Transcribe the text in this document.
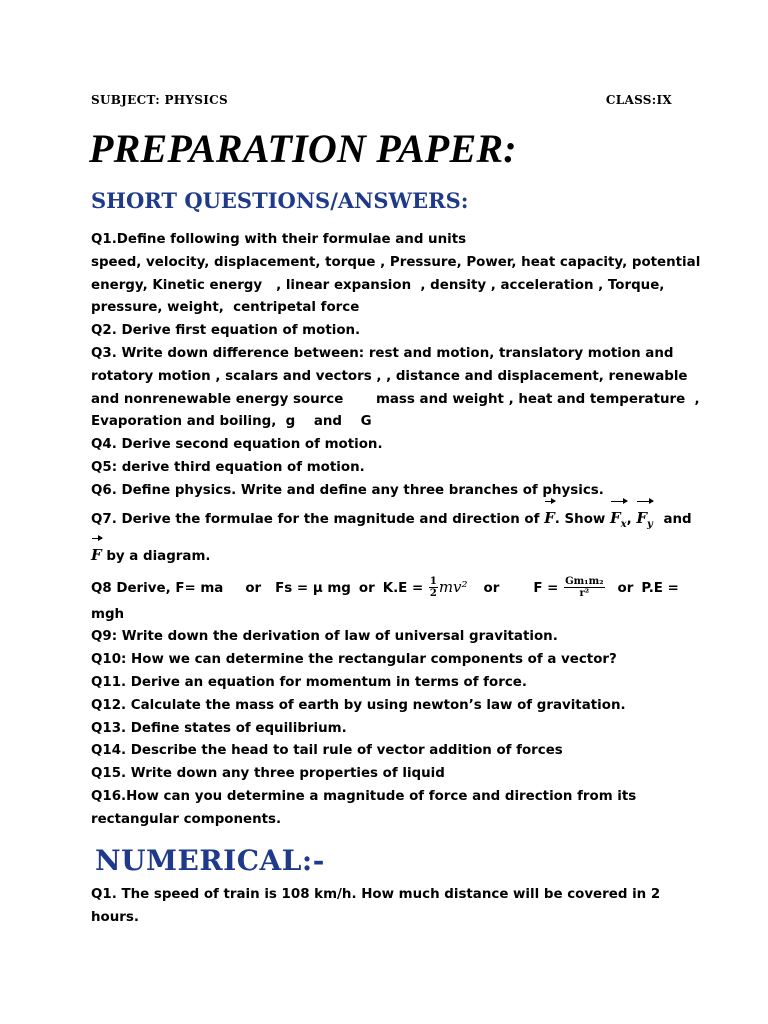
SUBJECT: PHYSICS	CLASS:IX
PREPARATION PAPER:
SHORT QUESTIONS/ANSWERS:

Q1.Define following with their formulae and units

speed, velocity, displacement, torque , Pressure, Power, heat capacity, potential

energy, Kinetic energy   , linear expansion  , density , acceleration , Torque,

pressure, weight,  centripetal force

Q2. Derive first equation of motion.

Q3. Write down difference between: rest and motion, translatory motion and

rotatory motion , scalars and vectors , , distance and displacement, renewable

and nonrenewable energy source       mass and weight , heat and temperature  ,

Evaporation and boiling,  g    and    G

Q4. Derive second equation of motion.

Q5: derive third equation of motion.

Q6. Define physics. Write and define any three branches of physics.

Q7. Derive the formulae for the magnitude and direction of F. Show $F_x$, $F_y$ and

F by a diagram.

Q8 Derive, F= ma or Fs = μ mg or $K.E = \frac{1}{2} mv^2$ or	$F = \frac{\text{Gm₁m₂}}{\text{r²}}$ or P.E =

mgh

Q9: Write down the derivation of law of universal gravitation.

Q10: How we can determine the rectangular components of a vector?

Q11. Derive an equation for momentum in terms of force.

Q12. Calculate the mass of earth by using newton’s law of gravitation.

Q13. Define states of equilibrium.

Q14. Describe the head to tail rule of vector addition of forces

Q15. Write down any three properties of liquid

Q16.How can you determine a magnitude of force and direction from its

rectangular components.

NUMERICAL:-

Q1. The speed of train is 108 km/h. How much distance will be covered in 2

hours.
